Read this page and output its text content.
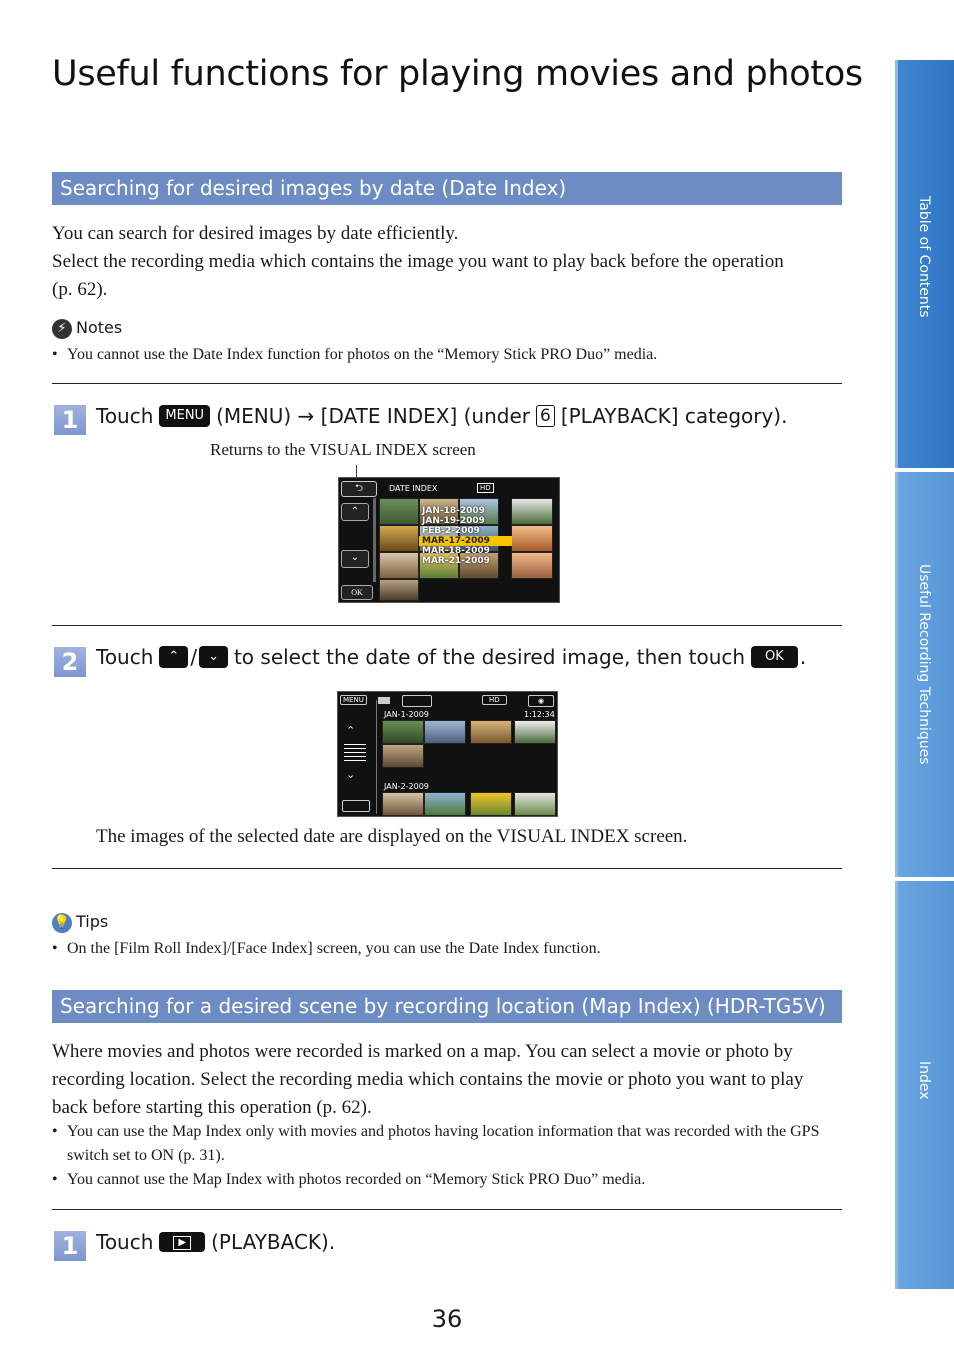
Useful functions for playing movies and photos
Searching for desired images by date (Date Index)
You can search for desired images by date efficiently.
Select the recording media which contains the image you want to play back before the operation (p. 62).
⚡ Notes
• You cannot use the Date Index function for photos on the “Memory Stick PRO Duo” media.
1 Touch MENU (MENU) → [DATE INDEX] (under 6 [PLAYBACK] category).
Returns to the VISUAL INDEX screen
⮌	DATE INDEX	HD
⌃
⌄
OK
JAN-18-2009
JAN-19-2009
FEB-2-2009
MAR-17-2009
MAR-18-2009
MAR-21-2009
2 Touch	⌃ / ⌄ to select the date of the desired image, then touch	OK .
MENU	HD	◉
JAN-1-2009	1:12:34
⌃
⌄
JAN-2-2009
The images of the selected date are displayed on the VISUAL INDEX screen.
💡 Tips
• On the [Film Roll Index]/[Face Index] screen, you can use the Date Index function.
Searching for a desired scene by recording location (Map Index) (HDR-TG5V)
Where movies and photos were recorded is marked on a map. You can select a movie or photo by recording location. Select the recording media which contains the movie or photo you want to play back before starting this operation (p. 62).
• You can use the Map Index only with movies and photos having location information that was recorded with the GPS switch set to ON (p. 31).
• You cannot use the Map Index with photos recorded on “Memory Stick PRO Duo” media.
1 Touch	▶	(PLAYBACK).
36
Table of Contents
Useful Recording Techniques
Index
